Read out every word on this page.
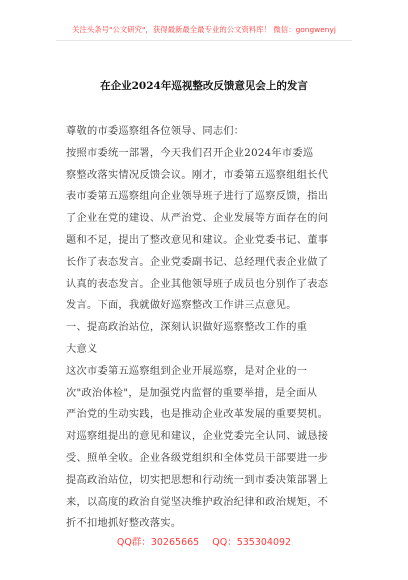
关注头条号"公文研究"，获得最新最全最专业的公文资料库！ 微信：gongwenyj
在企业2024年巡视整改反馈意见会上的发言
尊敬的市委巡察组各位领导、同志们：
按照市委统一部署，今天我们召开企业2024年市委巡
察整改落实情况反馈会议。刚才，市委第五巡察组组长代
表市委第五巡察组向企业领导班子进行了巡察反馈，指出
了企业在党的建设、从严治党、企业发展等方面存在的问
题和不足，提出了整改意见和建议。企业党委书记、董事
长作了表态发言。企业党委副书记、总经理代表企业做了
认真的表态发言。企业其他领导班子成员也分别作了表态
发言。下面，我就做好巡察整改工作讲三点意见。
一、提高政治站位，深刻认识做好巡察整改工作的重
大意义
这次市委第五巡察组到企业开展巡察，是对企业的一
次"政治体检"，是加强党内监督的重要举措，是全面从
严治党的生动实践，也是推动企业改革发展的重要契机。
对巡察组提出的意见和建议，企业党委完全认同、诚恳接
受、照单全收。企业各级党组织和全体党员干部要进一步
提高政治站位，切实把思想和行动统一到市委决策部署上
来，以高度的政治自觉坚决维护政治纪律和政治规矩，不
折不扣地抓好整改落实。
QQ群：30265665 QQ：535304092
